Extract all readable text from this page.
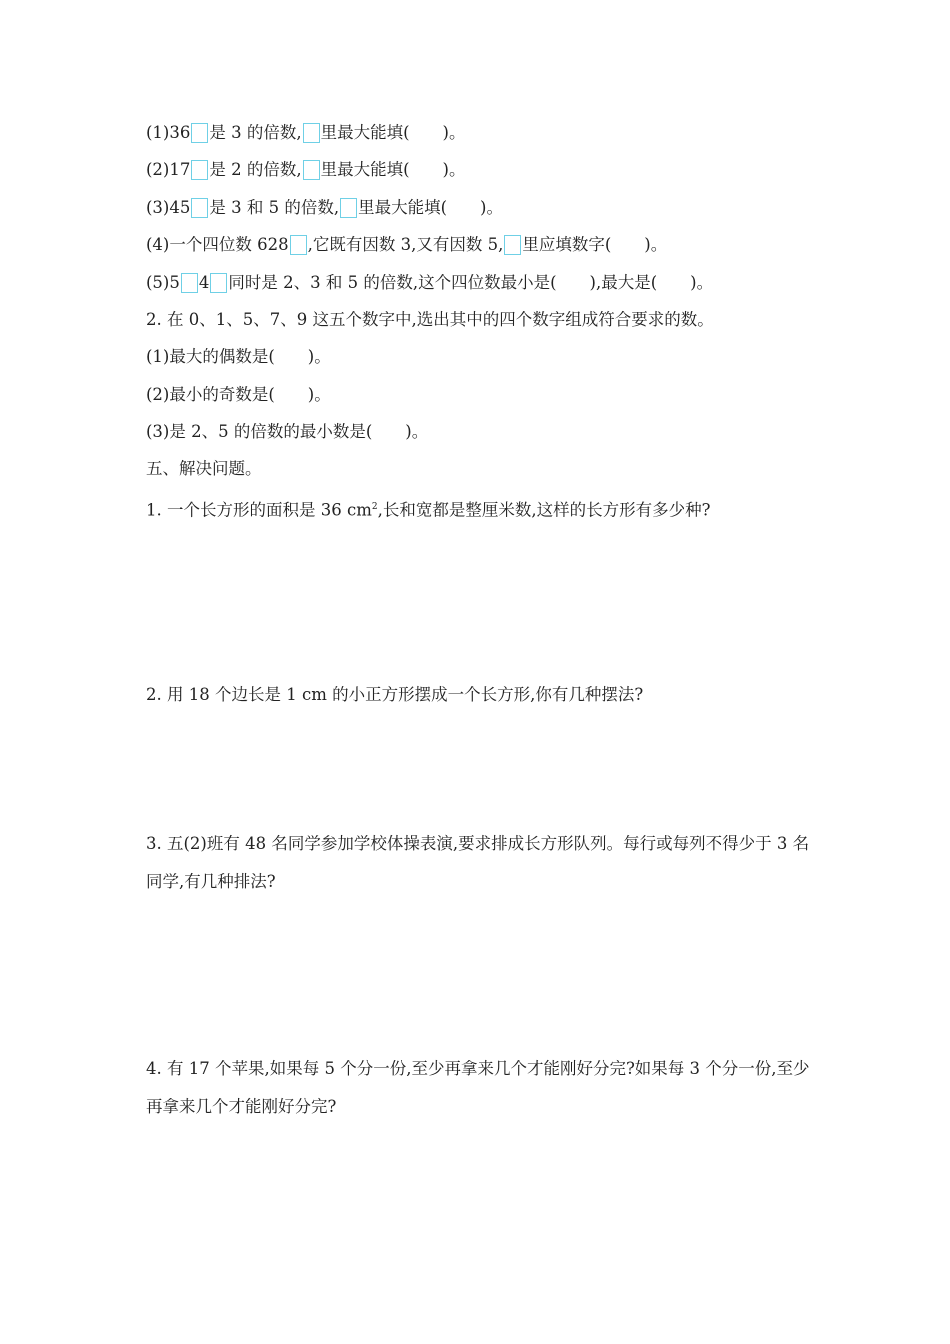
(1)36 是 3 的倍数, 里最大能填(　　)。
(2)17 是 2 的倍数, 里最大能填(　　)。
(3)45 是 3 和 5 的倍数, 里最大能填(　　)。
(4)一个四位数 628 ,它既有因数 3,又有因数 5, 里应填数字(　　)。
(5)5 4 同时是 2、3 和 5 的倍数,这个四位数最小是(　　),最大是(　　)。
2. 在 0、1、5、7、9 这五个数字中,选出其中的四个数字组成符合要求的数。
(1)最大的偶数是(　　)。
(2)最小的奇数是(　　)。
(3)是 2、5 的倍数的最小数是(　　)。
五、解决问题。
1. 一个长方形的面积是 36 $cm^2$,长和宽都是整厘米数,这样的长方形有多少种?
2. 用 18 个边长是 1 cm 的小正方形摆成一个长方形,你有几种摆法?
3. 五(2)班有 48 名同学参加学校体操表演,要求排成长方形队列。每行或每列不得少于 3 名同学,有几种排法?
4. 有 17 个苹果,如果每 5 个分一份,至少再拿来几个才能刚好分完?如果每 3 个分一份,至少再拿来几个才能刚好分完?
